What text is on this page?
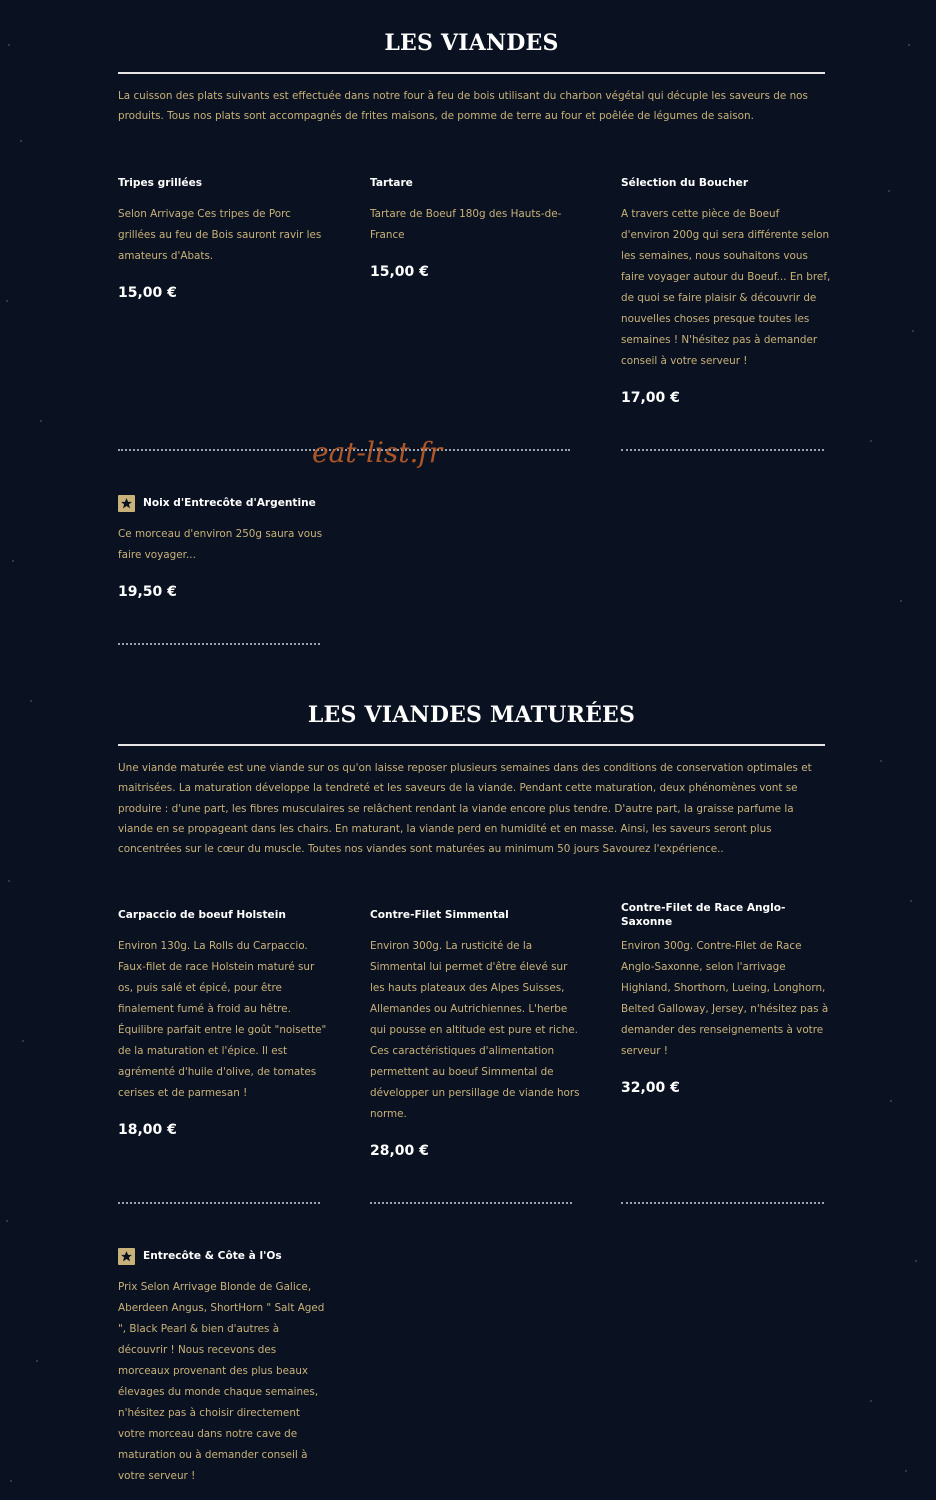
LES VIANDES
La cuisson des plats suivants est effectuée dans notre four à feu de bois utilisant du charbon végétal qui décuple les saveurs de nos produits. Tous nos plats sont accompagnés de frites maisons, de pomme de terre au four et poêlée de légumes de saison.
Tripes grillées
Selon Arrivage Ces tripes de Porc grillées au feu de Bois sauront ravir les amateurs d'Abats.
15,00 €
Tartare
Tartare de Boeuf 180g des Hauts-de-France
15,00 €
Sélection du Boucher
A travers cette pièce de Boeuf d'environ 200g qui sera différente selon les semaines, nous souhaitons vous faire voyager autour du Boeuf... En bref, de quoi se faire plaisir & découvrir de nouvelles choses presque toutes les semaines ! N'hésitez pas à demander conseil à votre serveur !
17,00 €
eat-list.fr
Noix d'Entrecôte d'Argentine
Ce morceau d'environ 250g saura vous faire voyager...
19,50 €
LES VIANDES MATURÉES
Une viande maturée est une viande sur os qu'on laisse reposer plusieurs semaines dans des conditions de conservation optimales et maitrisées. La maturation développe la tendreté et les saveurs de la viande. Pendant cette maturation, deux phénomènes vont se produire : d'une part, les fibres musculaires se relâchent rendant la viande encore plus tendre. D'autre part, la graisse parfume la viande en se propageant dans les chairs. En maturant, la viande perd en humidité et en masse. Ainsi, les saveurs seront plus concentrées sur le cœur du muscle. Toutes nos viandes sont maturées au minimum 50 jours Savourez l'expérience..
Carpaccio de boeuf Holstein
Environ 130g. La Rolls du Carpaccio. Faux-filet de race Holstein maturé sur os, puis salé et épicé, pour être finalement fumé à froid au hêtre. Équilibre parfait entre le goût "noisette" de la maturation et l'épice. Il est agrémenté d'huile d'olive, de tomates cerises et de parmesan !
18,00 €
Contre-Filet Simmental
Environ 300g. La rusticité de la Simmental lui permet d'être élevé sur les hauts plateaux des Alpes Suisses, Allemandes ou Autrichiennes. L'herbe qui pousse en altitude est pure et riche. Ces caractéristiques d'alimentation permettent au boeuf Simmental de développer un persillage de viande hors norme.
28,00 €
Contre-Filet de Race Anglo-Saxonne
Environ 300g. Contre-Filet de Race Anglo-Saxonne, selon l'arrivage Highland, Shorthorn, Lueing, Longhorn, Belted Galloway, Jersey, n'hésitez pas à demander des renseignements à votre serveur !
32,00 €
Entrecôte & Côte à l'Os
Prix Selon Arrivage Blonde de Galice, Aberdeen Angus, ShortHorn " Salt Aged ", Black Pearl & bien d'autres à découvrir ! Nous recevons des morceaux provenant des plus beaux élevages du monde chaque semaines, n'hésitez pas à choisir directement votre morceau dans notre cave de maturation ou à demander conseil à votre serveur !
